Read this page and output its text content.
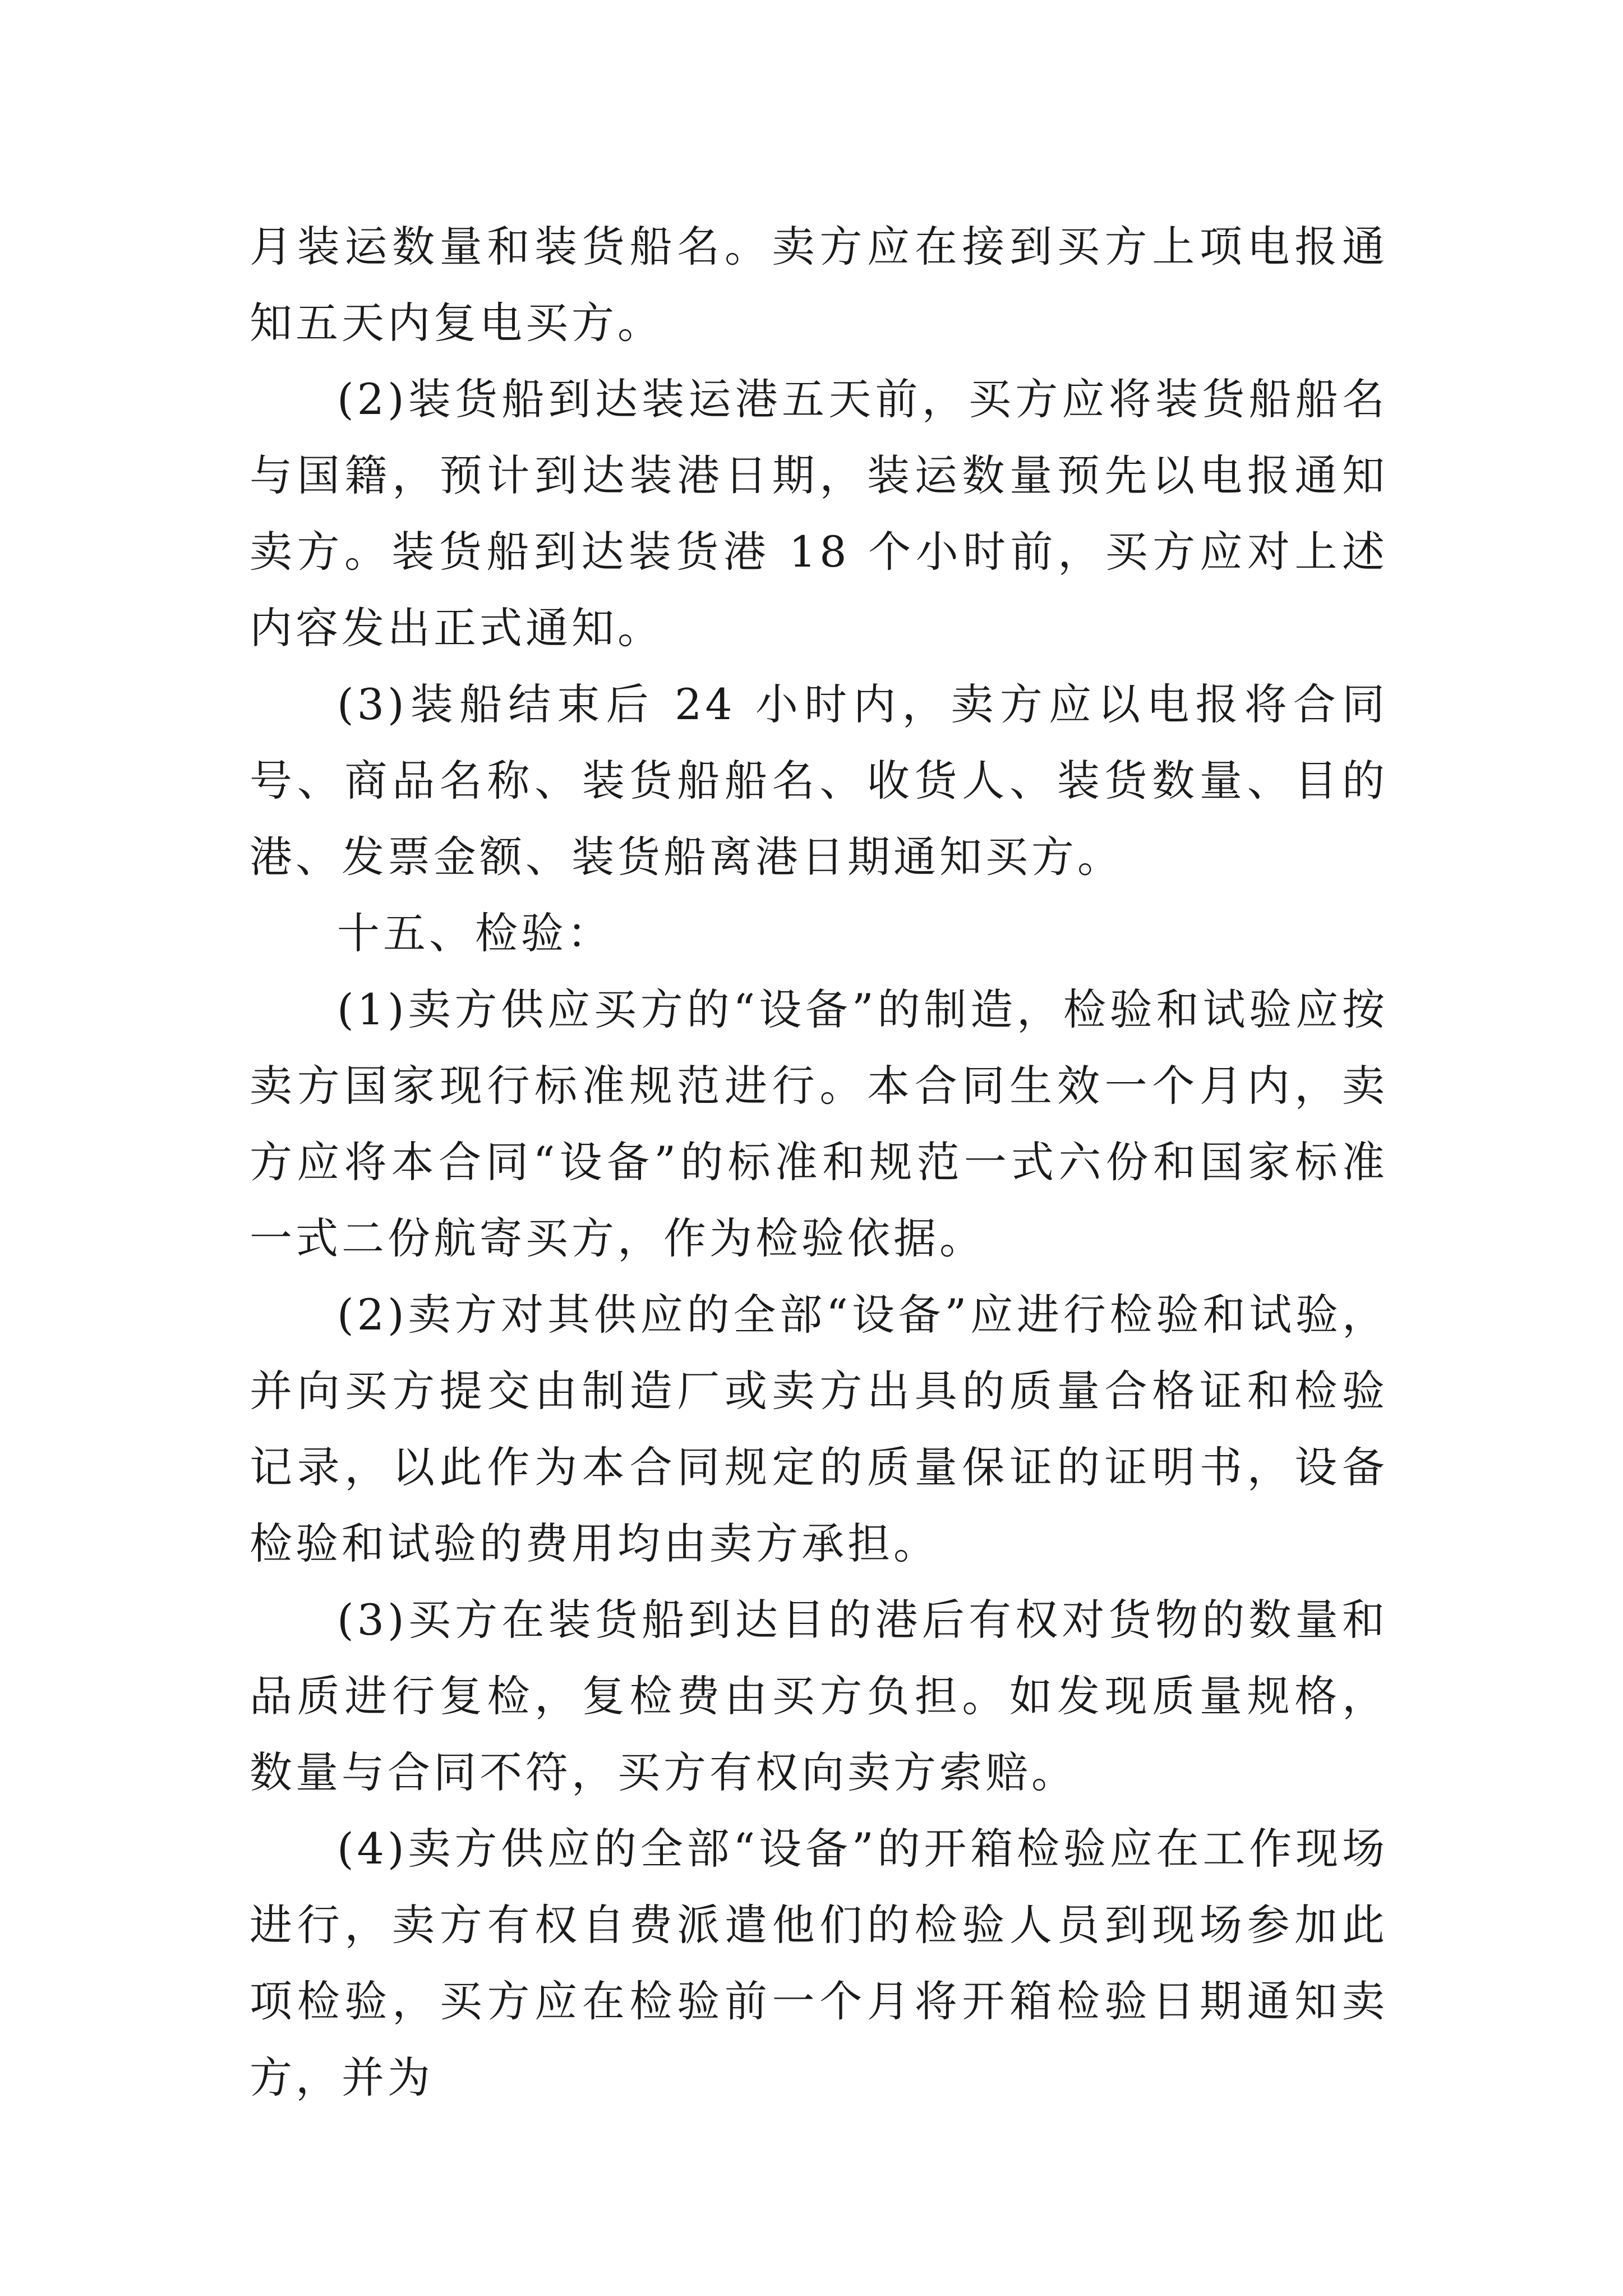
月装运数量和装货船名。卖方应在接到买方上项电报通知五天内复电买方。

(2)装货船到达装运港五天前，买方应将装货船船名与国籍，预计到达装港日期，装运数量预先以电报通知卖方。装货船到达装货港 18 个小时前，买方应对上述内容发出正式通知。

(3)装船结束后 24 小时内，卖方应以电报将合同号、商品名称、装货船船名、收货人、装货数量、目的港、发票金额、装货船离港日期通知买方。

十五、检验：

(1)卖方供应买方的“设备”的制造，检验和试验应按卖方国家现行标准规范进行。本合同生效一个月内，卖方应将本合同“设备”的标准和规范一式六份和国家标准一式二份航寄买方，作为检验依据。

(2)卖方对其供应的全部“设备”应进行检验和试验，并向买方提交由制造厂或卖方出具的质量合格证和检验记录，以此作为本合同规定的质量保证的证明书，设备检验和试验的费用均由卖方承担。

(3)买方在装货船到达目的港后有权对货物的数量和品质进行复检，复检费由买方负担。如发现质量规格，数量与合同不符，买方有权向卖方索赔。

(4)卖方供应的全部“设备”的开箱检验应在工作现场进行，卖方有权自费派遣他们的检验人员到现场参加此项检验，买方应在检验前一个月将开箱检验日期通知卖方，并为
